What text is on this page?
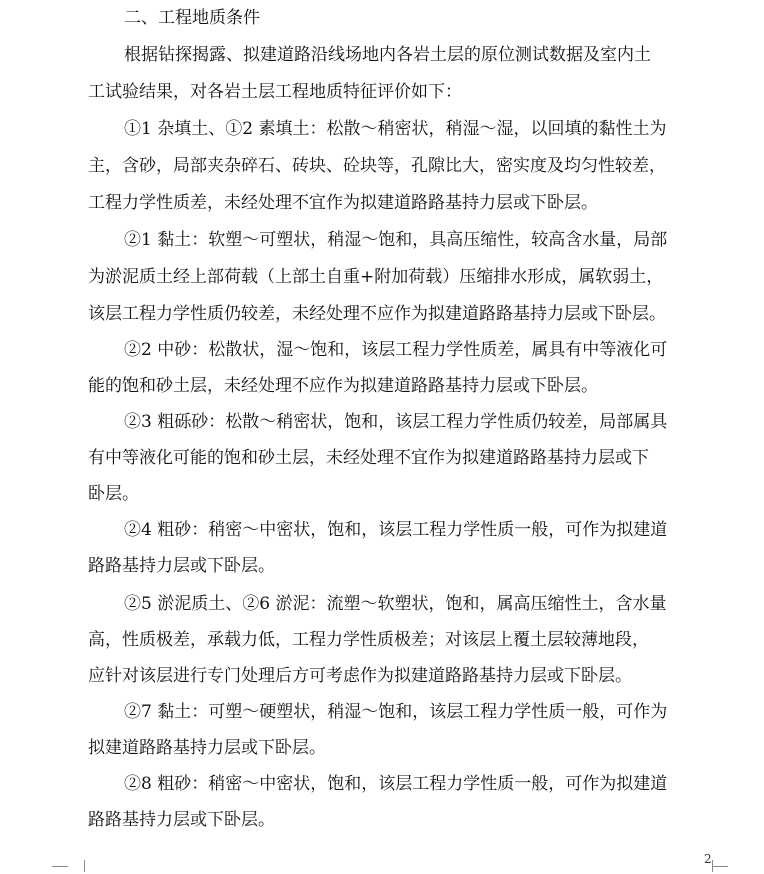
二、工程地质条件
根据钻探揭露、拟建道路沿线场地内各岩土层的原位测试数据及室内土
工试验结果，对各岩土层工程地质特征评价如下：
①1 杂填土、①2 素填土：松散～稍密状，稍湿～湿，以回填的黏性土为
主，含砂，局部夹杂碎石、砖块、砼块等，孔隙比大，密实度及均匀性较差，
工程力学性质差，未经处理不宜作为拟建道路路基持力层或下卧层。
②1 黏土：软塑～可塑状，稍湿～饱和，具高压缩性，较高含水量，局部
为淤泥质土经上部荷载（上部土自重+附加荷载）压缩排水形成，属软弱土，
该层工程力学性质仍较差，未经处理不应作为拟建道路路基持力层或下卧层。
②2 中砂：松散状，湿～饱和，该层工程力学性质差，属具有中等液化可
能的饱和砂土层，未经处理不应作为拟建道路路基持力层或下卧层。
②3 粗砾砂：松散～稍密状，饱和，该层工程力学性质仍较差，局部属具
有中等液化可能的饱和砂土层，未经处理不宜作为拟建道路路基持力层或下
卧层。
②4 粗砂：稍密～中密状，饱和，该层工程力学性质一般，可作为拟建道
路路基持力层或下卧层。
②5 淤泥质土、②6 淤泥：流塑～软塑状，饱和，属高压缩性土，含水量
高，性质极差，承载力低，工程力学性质极差；对该层上覆土层较薄地段，
应针对该层进行专门处理后方可考虑作为拟建道路路基持力层或下卧层。
②7 黏土：可塑～硬塑状，稍湿～饱和，该层工程力学性质一般，可作为
拟建道路路基持力层或下卧层。
②8 粗砂：稍密～中密状，饱和，该层工程力学性质一般，可作为拟建道
路路基持力层或下卧层。
2
